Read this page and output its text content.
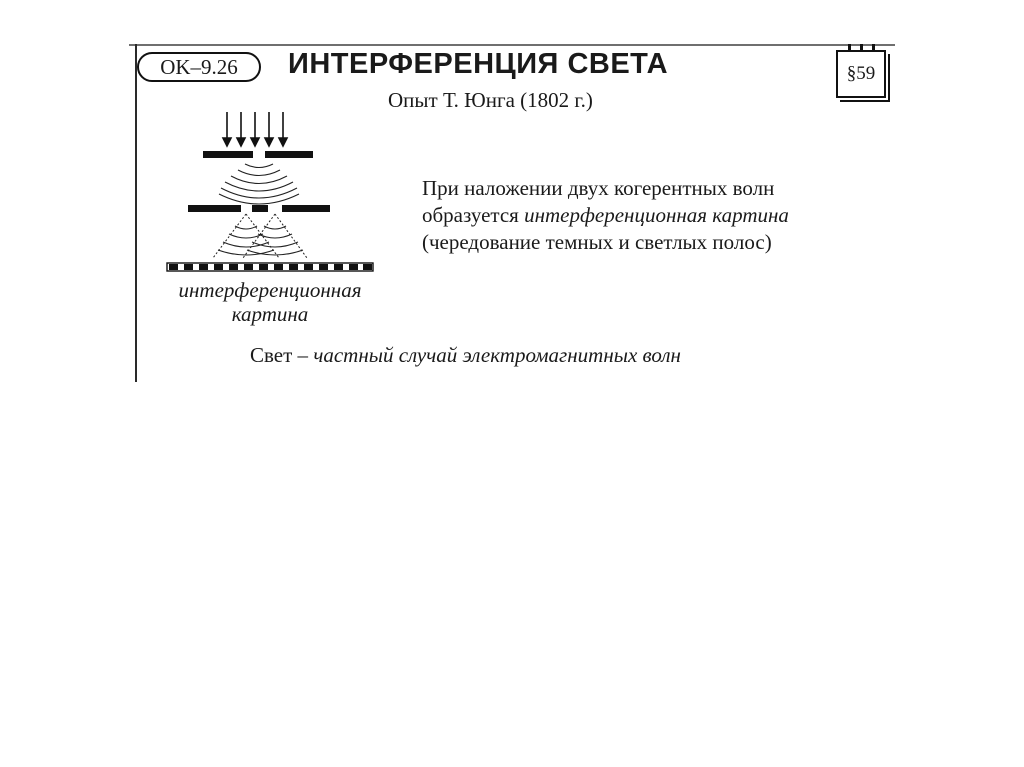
OK–9.26	ИНТЕРФЕРЕНЦИЯ СВЕТА
Опыт Т. Юнга (1802 г.)
§59
интерференционная
картина
При наложении двух когерентных волн
образуется интерференционная картина
(чередование темных и светлых полос)
Свет – частный случай электромагнитных волн
